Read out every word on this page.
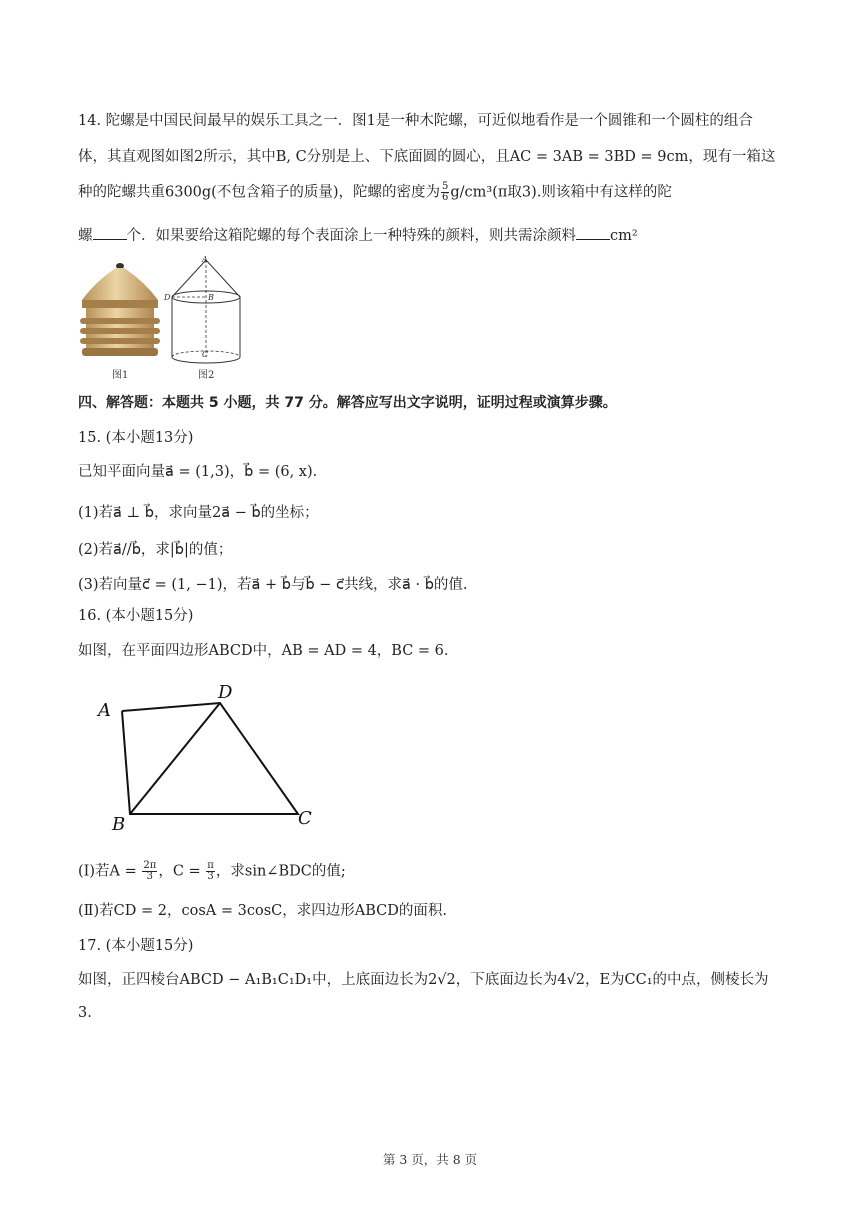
14. 陀螺是中国民间最早的娱乐工具之一．图1是一种木陀螺，可近似地看作是一个圆锥和一个圆柱的组合
体，其直观图如图2所示，其中B, C分别是上、下底面圆的圆心，且AC = 3AB = 3BD = 9cm，现有一箱这
种的陀螺共重6300g(不包含箱子的质量)，陀螺的密度为 $\frac{5}{6} g/cm^3(\pi$取3).则该箱中有这样的陀
螺 个．如果要给这箱陀螺的每个表面涂上一种特殊的颜料，则共需涂颜料 cm²
图1
A
D	B
C
图2
四、解答题：本题共 5 小题，共 77 分。解答应写出文字说明，证明过程或演算步骤。
15. (本小题13分)
已知平面向量a⃗ = (1,3)，b⃗ = (6, x).
(1)若a⃗ ⊥ b⃗，求向量2a⃗ − b⃗的坐标；
(2)若a⃗//b⃗，求|b⃗|的值；
(3)若向量c⃗ = (1, −1)，若a⃗ + b⃗与b⃗ − c⃗共线，求a⃗ · b⃗的值.
16. (本小题15分)
如图，在平面四边形ABCD中，AB = AD = 4，BC = 6.
A
D
B	C
(Ⅰ)若$A = \frac{2\pi}{3}$ ，$C = \frac{\pi}{3}$ ，求sin∠BDC的值;
(Ⅱ)若CD = 2，cosA = 3cosC，求四边形ABCD的面积.
17. (本小题15分)
如图，正四棱台ABCD − A₁B₁C₁D₁中，上底面边长为2√2，下底面边长为4√2，E为CC₁的中点，侧棱长为
3.
第 3 页，共 8 页
